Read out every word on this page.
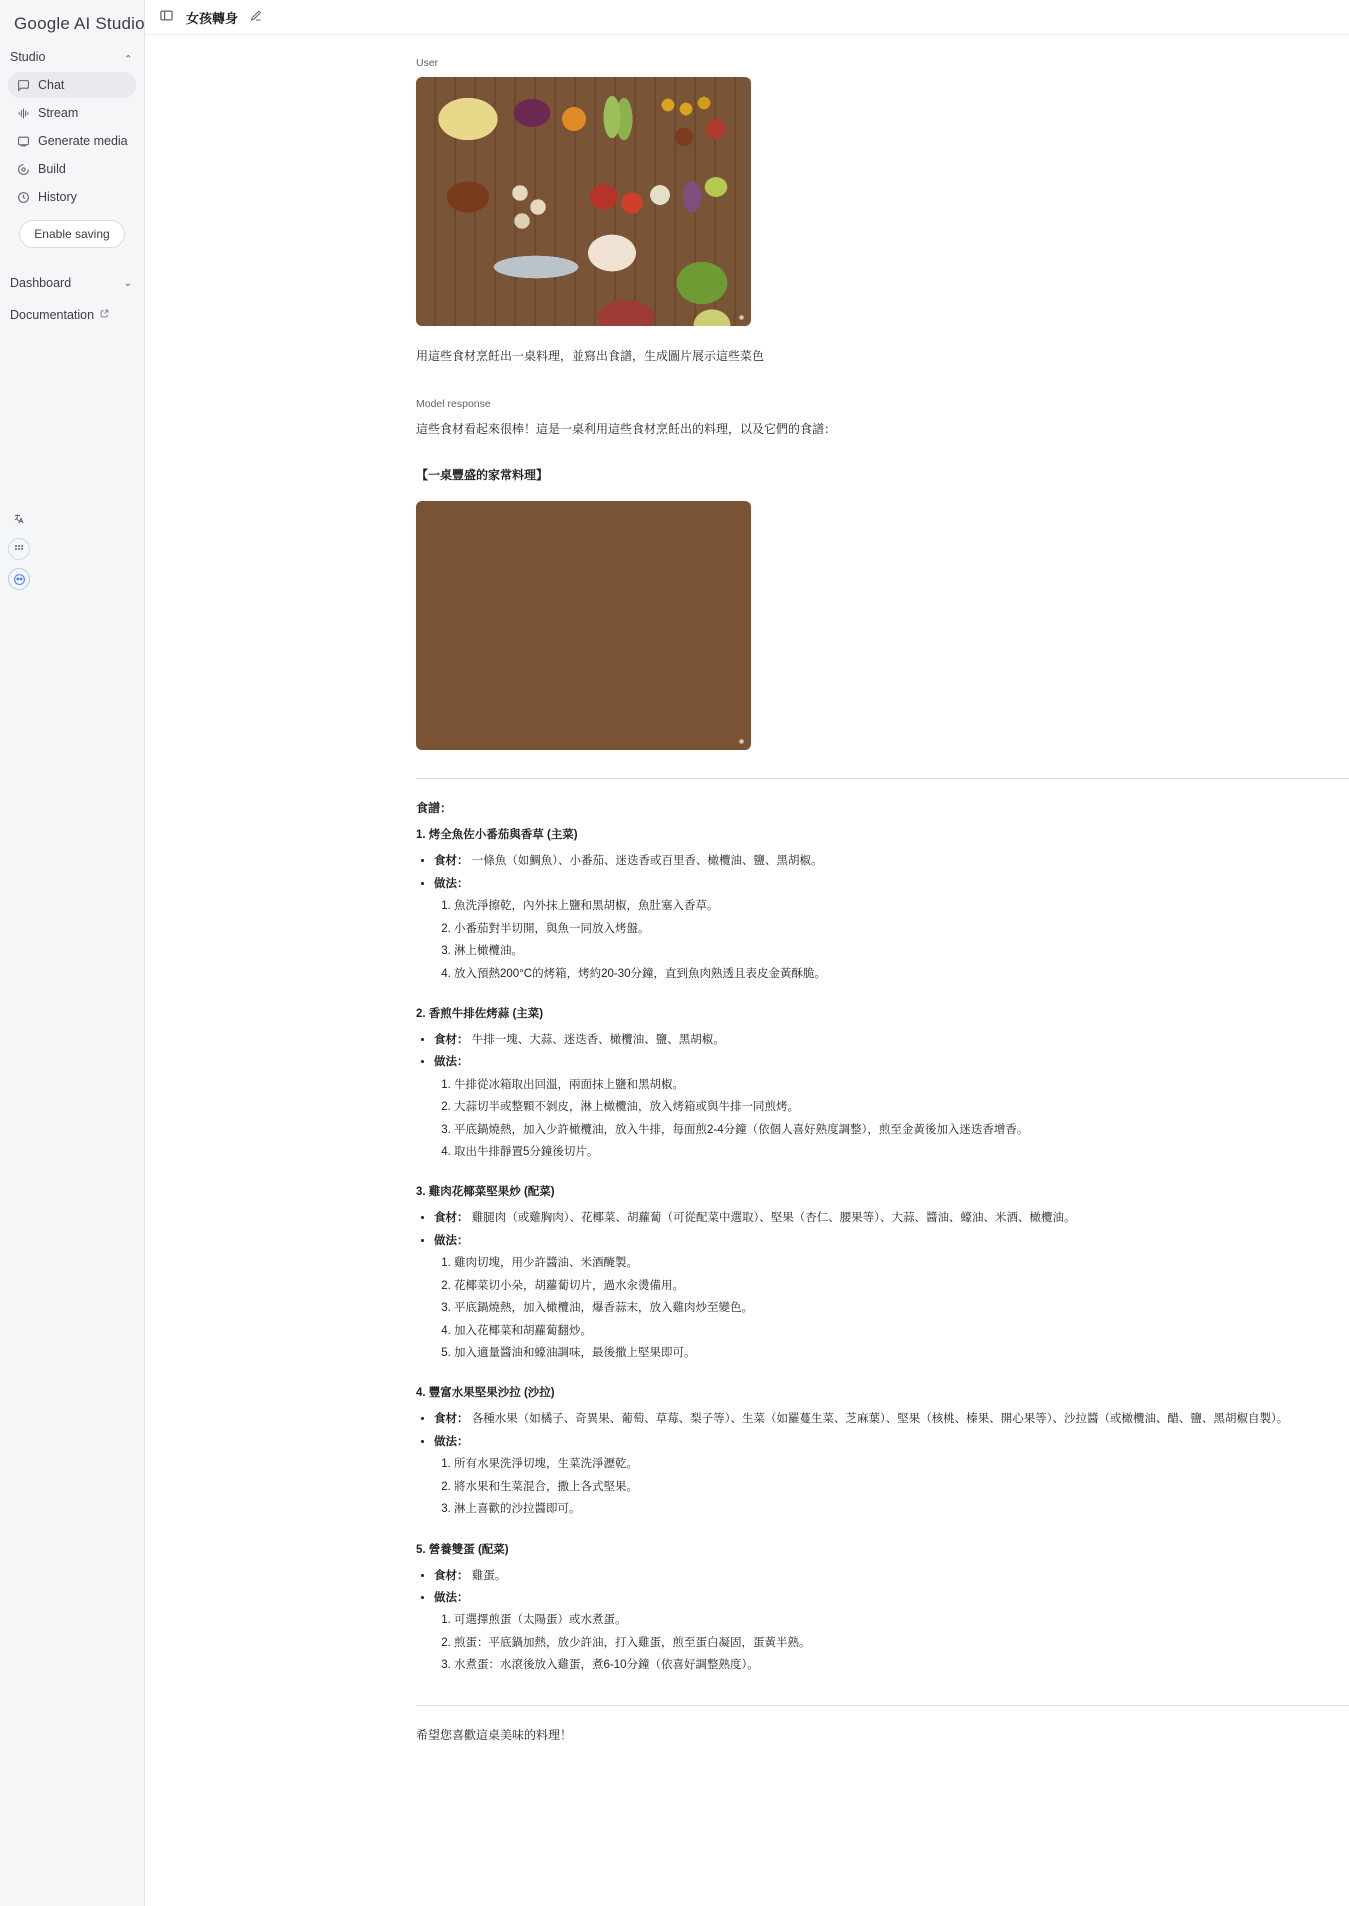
Google AI Studio
Studio	⌄
Chat
Stream
Generate media
Build
History
Enable saving
Dashboard	⌄
Documentation
女孩轉身
User
用這些食材烹飪出一桌料理，並寫出食譜，生成圖片展示這些菜色
Model response
這些食材看起來很棒！這是一桌利用這些食材烹飪出的料理，以及它們的食譜：
【一桌豐盛的家常料理】
食譜：
1. 烤全魚佐小番茄與香草 (主菜)
• 食材： 一條魚（如鯛魚）、小番茄、迷迭香或百里香、橄欖油、鹽、黑胡椒。
• 做法：
1. 魚洗淨擦乾，內外抹上鹽和黑胡椒，魚肚塞入香草。
2. 小番茄對半切開，與魚一同放入烤盤。
3. 淋上橄欖油。
4. 放入預熱200°C的烤箱，烤約20-30分鐘，直到魚肉熟透且表皮金黃酥脆。
2. 香煎牛排佐烤蒜 (主菜)
• 食材： 牛排一塊、大蒜、迷迭香、橄欖油、鹽、黑胡椒。
• 做法：
1. 牛排從冰箱取出回溫，兩面抹上鹽和黑胡椒。
2. 大蒜切半或整顆不剝皮，淋上橄欖油，放入烤箱或與牛排一同煎烤。
3. 平底鍋燒熱，加入少許橄欖油，放入牛排，每面煎2-4分鐘（依個人喜好熟度調整），煎至金黃後加入迷迭香增香。
4. 取出牛排靜置5分鐘後切片。
3. 雞肉花椰菜堅果炒 (配菜)
• 食材： 雞腿肉（或雞胸肉）、花椰菜、胡蘿蔔（可從配菜中選取）、堅果（杏仁、腰果等）、大蒜、醬油、蠔油、米酒、橄欖油。
• 做法：
1. 雞肉切塊，用少許醬油、米酒醃製。
2. 花椰菜切小朵，胡蘿蔔切片，過水汆燙備用。
3. 平底鍋燒熱，加入橄欖油，爆香蒜末，放入雞肉炒至變色。
4. 加入花椰菜和胡蘿蔔翻炒。
5. 加入適量醬油和蠔油調味，最後撒上堅果即可。
4. 豐富水果堅果沙拉 (沙拉)
• 食材： 各種水果（如橘子、奇異果、葡萄、草莓、梨子等）、生菜（如羅蔓生菜、芝麻葉）、堅果（核桃、榛果、開心果等）、沙拉醬（或橄欖油、醋、鹽、黑胡椒自製）。
• 做法：
1. 所有水果洗淨切塊，生菜洗淨瀝乾。
2. 將水果和生菜混合，撒上各式堅果。
3. 淋上喜歡的沙拉醬即可。
5. 營養雙蛋 (配菜)
• 食材： 雞蛋。
• 做法：
1. 可選擇煎蛋（太陽蛋）或水煮蛋。
2. 煎蛋：平底鍋加熱，放少許油，打入雞蛋，煎至蛋白凝固，蛋黃半熟。
3. 水煮蛋：水滾後放入雞蛋，煮6-10分鐘（依喜好調整熟度）。
希望您喜歡這桌美味的料理！
